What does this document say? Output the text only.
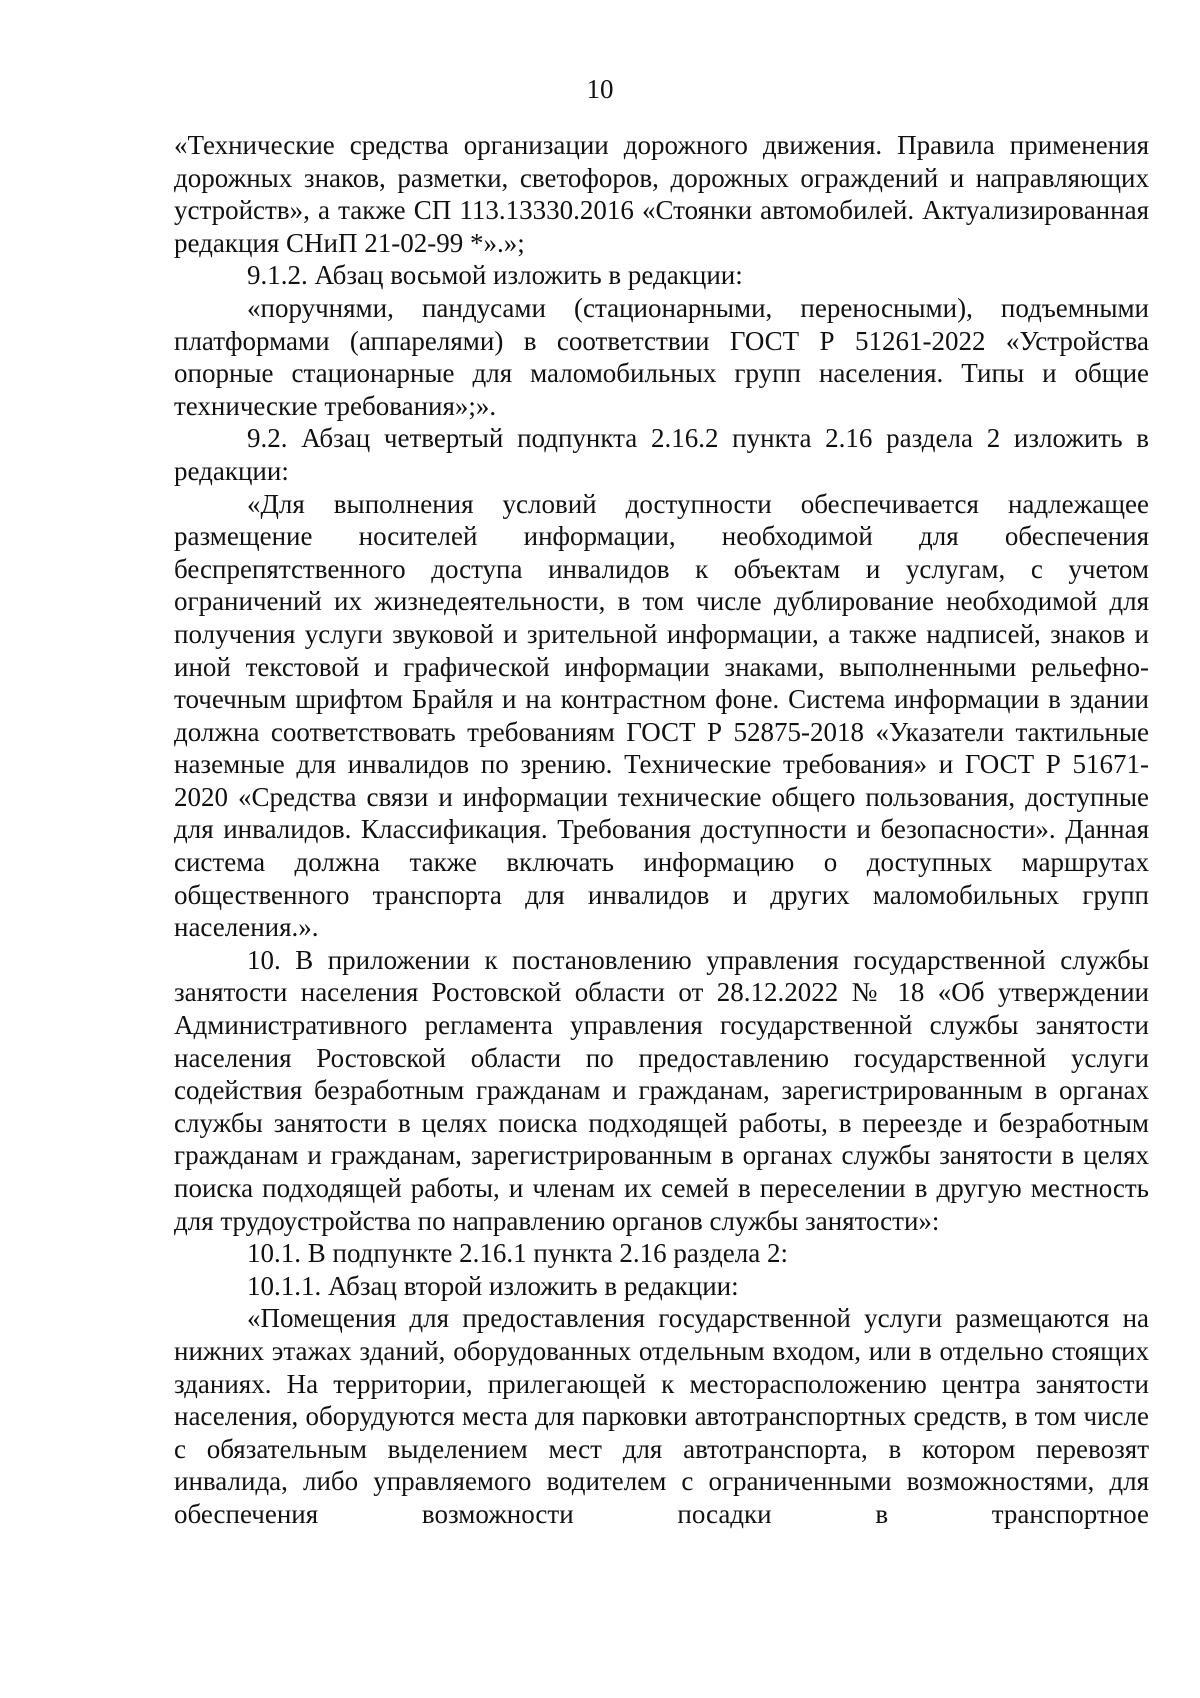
10

«Технические средства организации дорожного движения. Правила применения дорожных знаков, разметки, светофоров, дорожных ограждений и направляющих устройств», а также СП 113.13330.2016 «Стоянки автомобилей. Актуализированная редакция СНиП 21-02-99 *».»;

9.1.2. Абзац восьмой изложить в редакции:

«поручнями, пандусами (стационарными, переносными), подъемными платформами (аппарелями) в соответствии ГОСТ Р 51261-2022 «Устройства опорные стационарные для маломобильных групп населения. Типы и общие технические требования»;».

9.2. Абзац четвертый подпункта 2.16.2 пункта 2.16 раздела 2 изложить в редакции:

«Для выполнения условий доступности обеспечивается надлежащее размещение носителей информации, необходимой для обеспечения беспрепятственного доступа инвалидов к объектам и услугам, с учетом ограничений их жизнедеятельности, в том числе дублирование необходимой для получения услуги звуковой и зрительной информации, а также надписей, знаков и иной текстовой и графической информации знаками, выполненными рельефно-точечным шрифтом Брайля и на контрастном фоне. Система информации в здании должна соответствовать требованиям ГОСТ Р 52875-2018 «Указатели тактильные наземные для инвалидов по зрению. Технические требования» и ГОСТ Р 51671-2020 «Средства связи и информации технические общего пользования, доступные для инвалидов. Классификация. Требования доступности и безопасности». Данная система должна также включать информацию о доступных маршрутах общественного транспорта для инвалидов и других маломобильных групп населения.».

10. В приложении к постановлению управления государственной службы занятости населения Ростовской области от 28.12.2022 № 18 «Об утверждении Административного регламента управления государственной службы занятости населения Ростовской области по предоставлению государственной услуги содействия безработным гражданам и гражданам, зарегистрированным в органах службы занятости в целях поиска подходящей работы, в переезде и безработным гражданам и гражданам, зарегистрированным в органах службы занятости в целях поиска подходящей работы, и членам их семей в переселении в другую местность для трудоустройства по направлению органов службы занятости»:

10.1. В подпункте 2.16.1 пункта 2.16 раздела 2:

10.1.1. Абзац второй изложить в редакции:

«Помещения для предоставления государственной услуги размещаются на нижних этажах зданий, оборудованных отдельным входом, или в отдельно стоящих зданиях. На территории, прилегающей к месторасположению центра занятости населения, оборудуются места для парковки автотранспортных средств, в том числе с обязательным выделением мест для автотранспорта, в котором перевозят инвалида, либо управляемого водителем с ограниченными возможностями, для обеспечения возможности посадки в транспортное
